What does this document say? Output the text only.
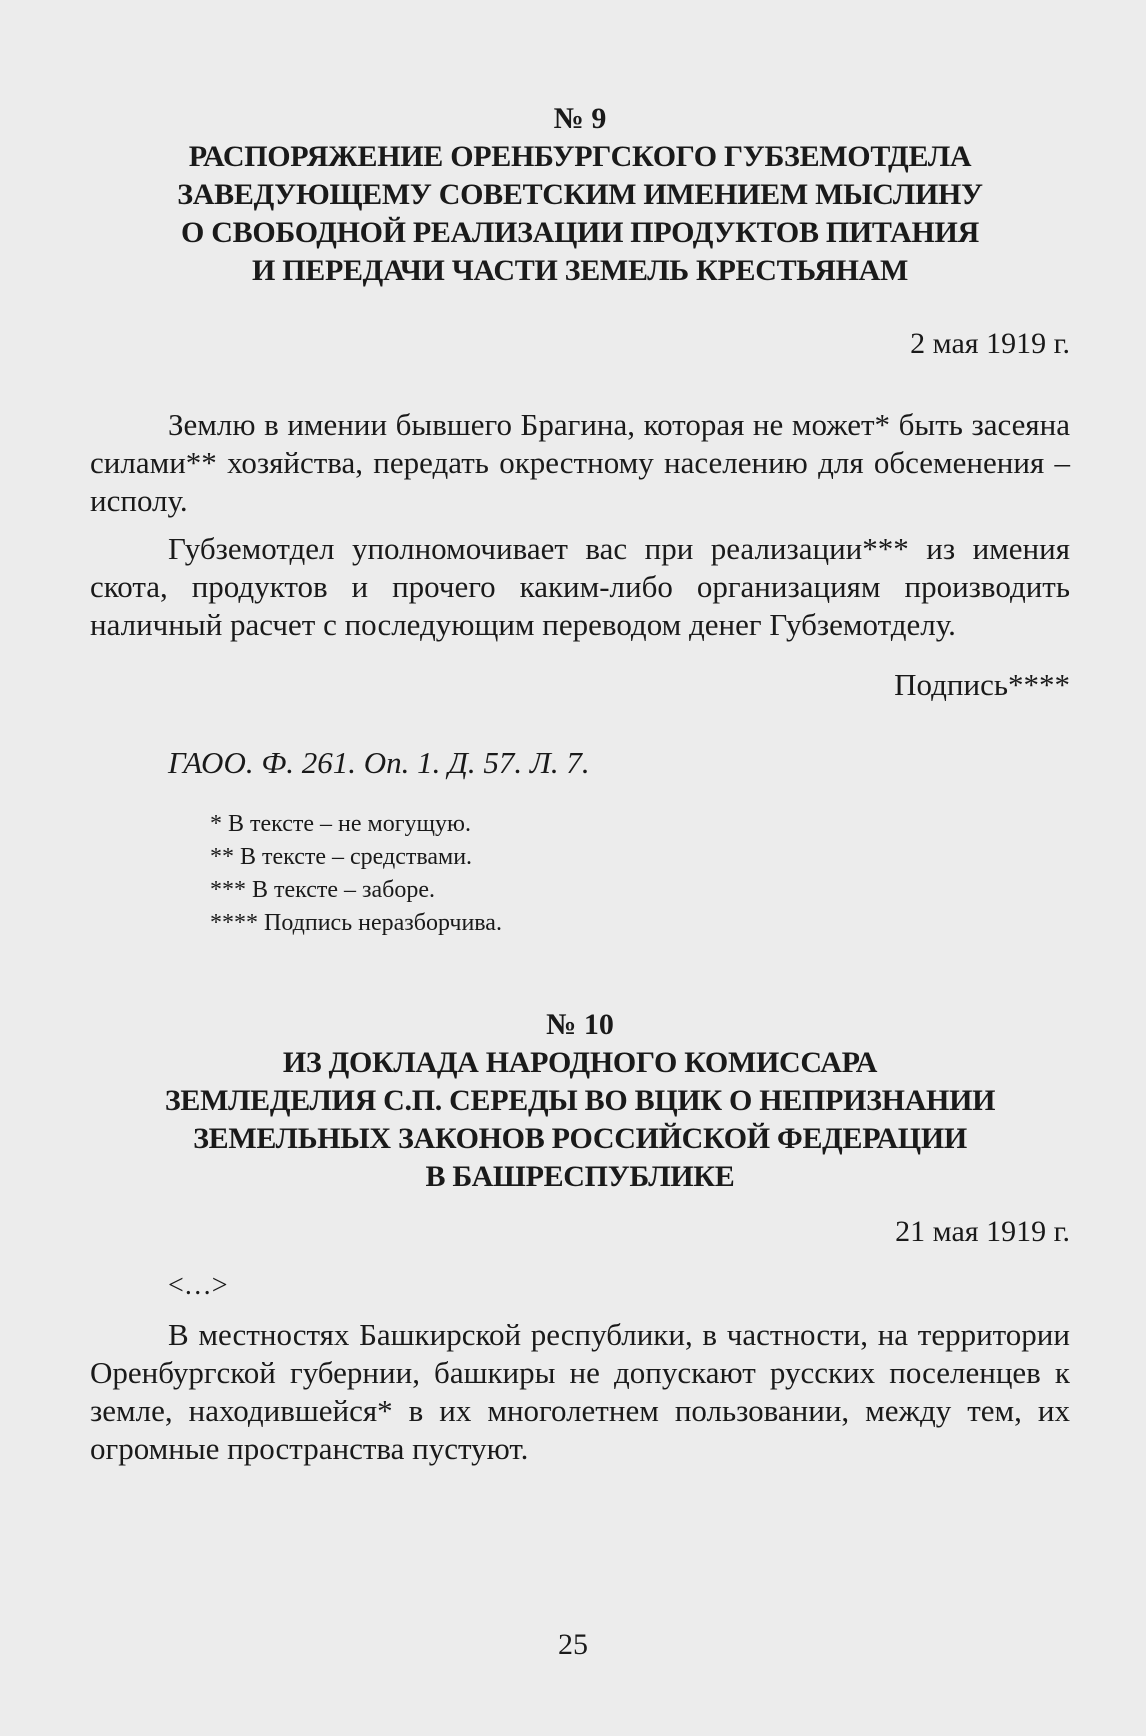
№ 9

РАСПОРЯЖЕНИЕ ОРЕНБУРГСКОГО ГУБЗЕМОТДЕЛА

ЗАВЕДУЮЩЕМУ СОВЕТСКИМ ИМЕНИЕМ МЫСЛИНУ

О СВОБОДНОЙ РЕАЛИЗАЦИИ ПРОДУКТОВ ПИТАНИЯ

И ПЕРЕДАЧИ ЧАСТИ ЗЕМЕЛЬ КРЕСТЬЯНАМ

2 мая 1919 г.

Землю в имении бывшего Брагина, которая не может* быть засеяна силами** хозяйства, передать окрестному населению для обсеменения – исполу.

Губземотдел уполномочивает вас при реализации*** из имения скота, продуктов и прочего каким-либо организациям производить наличный расчет с последующим переводом денег Губземотделу.

Подпись****

ГАОО. Ф. 261. Оп. 1. Д. 57. Л. 7.

* В тексте – не могущую.
** В тексте – средствами.
*** В тексте – заборе.
**** Подпись неразборчива.

№ 10

ИЗ ДОКЛАДА НАРОДНОГО КОМИССАРА

ЗЕМЛЕДЕЛИЯ С.П. СЕРЕДЫ ВО ВЦИК О НЕПРИЗНАНИИ

ЗЕМЕЛЬНЫХ ЗАКОНОВ РОССИЙСКОЙ ФЕДЕРАЦИИ

В БАШРЕСПУБЛИКЕ

21 мая 1919 г.

<…>

В местностях Башкирской республики, в частности, на территории Оренбургской губернии, башкиры не допускают русских поселенцев к земле, находившейся* в их многолетнем пользовании, между тем, их огромные пространства пустуют.

25
